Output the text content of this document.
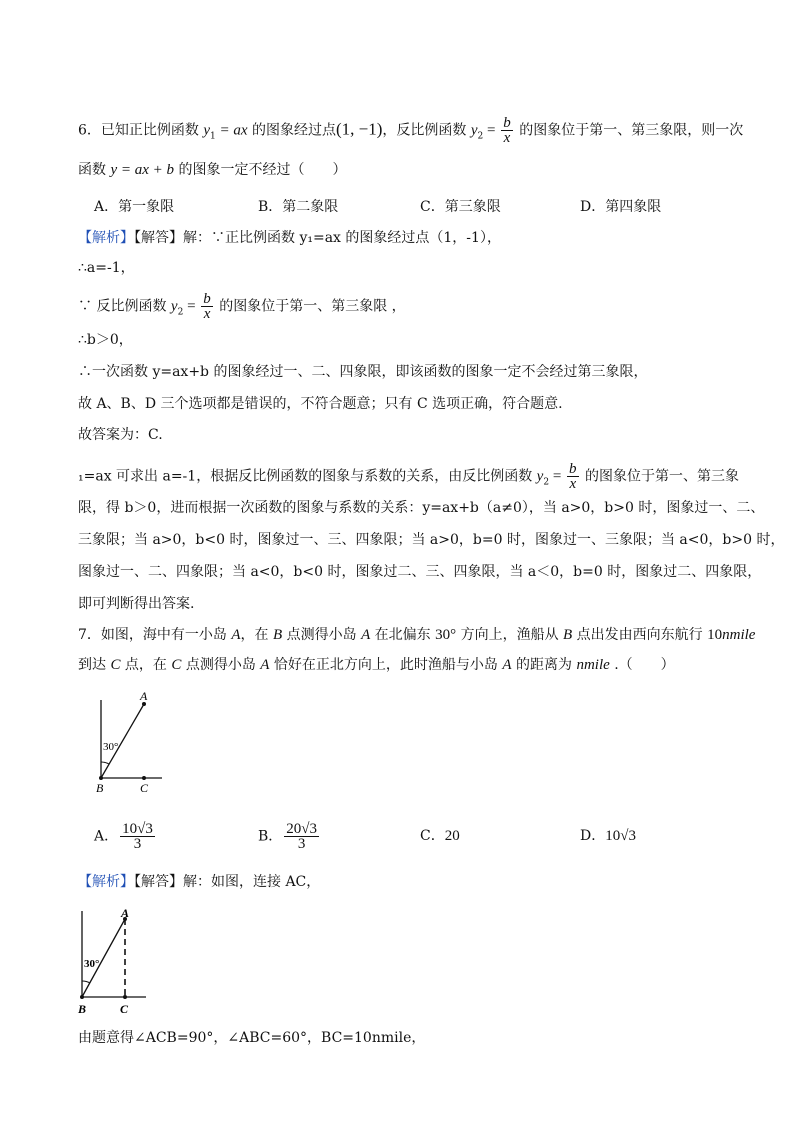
6．已知正比例函数 $y_1$ = ax 的图象经过点(1, −1)，反比例函数 $y_2 = \frac{b}{x}$ 的图象位于第一、第三象限，则一次
函数 y = ax + b 的图象一定不经过（　　）
A．第一象限	B．第二象限	C．第三象限	D．第四象限
【解析】【解答】解：∵正比例函数 y₁=ax 的图象经过点（1，-1），
∴a=-1，
∵ 反比例函数 $y_2 = \frac{b}{x}$ 的图象位于第一、第三象限 ，
∴b＞0，
∴一次函数 y=ax+b 的图象经过一、二、四象限，即该函数的图象一定不会经过第三象限，
故 A、B、D 三个选项都是错误的，不符合题意；只有 C 选项正确，符合题意.
故答案为：C.
₁=ax 可求出 a=-1，根据反比例函数的图象与系数的关系，由反比例函数 $y_2 = \frac{b}{x}$ 的图象位于第一、第三象
限，得 b＞0，进而根据一次函数的图象与系数的关系：y=ax+b（a≠0），当 a>0，b>0 时，图象过一、二、
三象限；当 a>0，b<0 时，图象过一、三、四象限；当 a>0，b=0 时，图象过一、三象限；当 a<0，b>0 时，
图象过一、二、四象限；当 a<0，b<0 时，图象过二、三、四象限，当 a＜0，b=0 时，图象过二、四象限，
即可判断得出答案.
7．如图，海中有一小岛 A，在 B 点测得小岛 A 在北偏东 30° 方向上，渔船从 B 点出发由西向东航行 10nmile
到达 C 点，在 C 点测得小岛 A 恰好在正北方向上，此时渔船与小岛 A 的距离为 nmile .（　　）
A
B	C
30°
A． $\frac{10√3}{3}$	B． $\frac{20√3}{3}$	C．20	D．10√3
【解析】【解答】解：如图，连接 AC，
A
B	C
30°
由题意得∠ACB=90°，∠ABC=60°，BC=10nmile，
